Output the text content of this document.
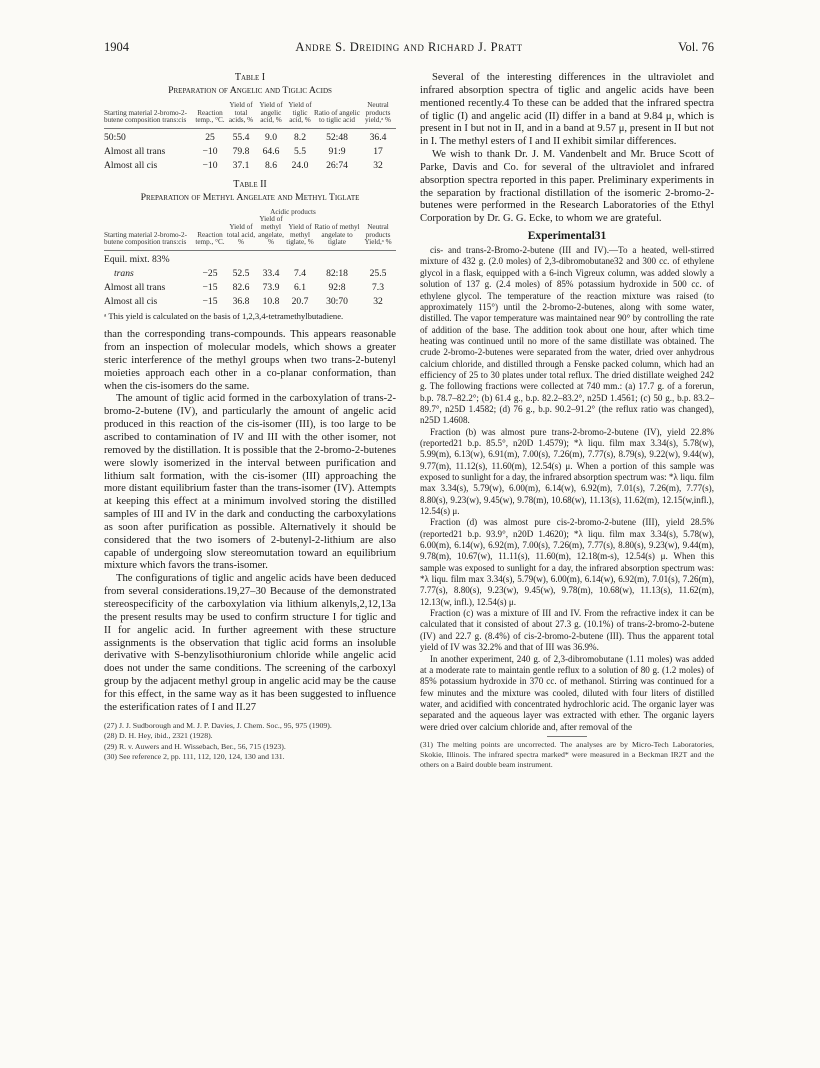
1904	Andre S. Dreiding and Richard J. Pratt	Vol. 76
Table I
Preparation of Angelic and Tiglic Acids
Starting material 2-bromo-2-butene composition trans:cis	Reaction temp., °C.	Yield of total acids, %	Yield of angelic acid, %	Yield of tiglic acid, %	Ratio of angelic to tiglic acid	Neutral products yield,ᵃ %

50:50	25	55.4	9.0	8.2	52:48	36.4
Almost all trans	−10	79.8	64.6	5.5	91:9	17
Almost all cis	−10	37.1	8.6	24.0	26:74	32
Table II
Preparation of Methyl Angelate and Methyl Tiglate
		Acidic products				
Starting material 2-bromo-2-butene composition trans:cis	Reaction temp., °C.	Yield of total acid, %	Yield of methyl angelate, %	Yield of methyl tiglate, %	Ratio of methyl angelate to tiglate	Neutral products Yield,ᵃ %

Equil. mixt. 83%						
trans	−25	52.5	33.4	7.4	82:18	25.5
Almost all trans	−15	82.6	73.9	6.1	92:8	7.3
Almost all cis	−15	36.8	10.8	20.7	30:70	32
ᵃ This yield is calculated on the basis of 1,2,3,4-tetramethylbutadiene.

than the corresponding trans-compounds. This appears reasonable from an inspection of molecular models, which shows a greater steric interference of the methyl groups when two trans-2-butenyl moieties approach each other in a co-planar conformation, than when the cis-isomers do the same.

The amount of tiglic acid formed in the carboxylation of trans-2-bromo-2-butene (IV), and particularly the amount of angelic acid produced in this reaction of the cis-isomer (III), is too large to be ascribed to contamination of IV and III with the other isomer, not removed by the distillation. It is possible that the 2-bromo-2-butenes were slowly isomerized in the interval between purification and lithium salt formation, with the cis-isomer (III) approaching the more distant equilibrium faster than the trans-isomer (IV). Attempts at keeping this effect at a minimum involved storing the distilled samples of III and IV in the dark and conducting the carboxylations as soon after purification as possible. Alternatively it should be considered that the two isomers of 2-butenyl-2-lithium are also capable of undergoing slow stereomutation toward an equilibrium mixture which favors the trans-isomer.

The configurations of tiglic and angelic acids have been deduced from several considerations.19,27–30 Because of the demonstrated stereospecificity of the carboxylation via lithium alkenyls,2,12,13a the present results may be used to confirm structure I for tiglic and II for angelic acid. In further agreement with these structure assignments is the observation that tiglic acid forms an insoluble derivative with S-benzylisothiuronium chloride while angelic acid does not under the same conditions. The screening of the carboxyl group by the adjacent methyl group in angelic acid may be the cause for this effect, in the same way as it has been suggested to influence the esterification rates of I and II.27

(27) J. J. Sudborough and M. J. P. Davies, J. Chem. Soc., 95, 975 (1909).
(28) D. H. Hey, ibid., 2321 (1928).
(29) R. v. Auwers and H. Wissebach, Ber., 56, 715 (1923).
(30) See reference 2, pp. 111, 112, 120, 124, 130 and 131.

Several of the interesting differences in the ultraviolet and infrared absorption spectra of tiglic and angelic acids have been mentioned recently.4 To these can be added that the infrared spectra of tiglic (I) and angelic acid (II) differ in a band at 9.84 μ, which is present in I but not in II, and in a band at 9.57 μ, present in II but not in I. The methyl esters of I and II exhibit similar differences.

We wish to thank Dr. J. M. Vandenbelt and Mr. Bruce Scott of Parke, Davis and Co. for several of the ultraviolet and infrared absorption spectra reported in this paper. Preliminary experiments in the separation by fractional distillation of the isomeric 2-bromo-2-butenes were performed in the Research Laboratories of the Ethyl Corporation by Dr. G. G. Ecke, to whom we are grateful.

Experimental31

cis- and trans-2-Bromo-2-butene (III and IV).—To a heated, well-stirred mixture of 432 g. (2.0 moles) of 2,3-dibromobutane32 and 300 cc. of ethylene glycol in a flask, equipped with a 6-inch Vigreux column, was added slowly a solution of 137 g. (2.4 moles) of 85% potassium hydroxide in 500 cc. of ethylene glycol. The temperature of the reaction mixture was raised (to approximately 115°) until the 2-bromo-2-butenes, along with some water, distilled. The vapor temperature was maintained near 90° by controlling the rate of addition of the base. The addition took about one hour, after which time heating was continued until no more of the same distillate was obtained. The crude 2-bromo-2-butenes were separated from the water, dried over anhydrous calcium chloride, and distilled through a Fenske packed column, which had an efficiency of 25 to 30 plates under total reflux. The dried distillate weighed 242 g. The following fractions were collected at 740 mm.: (a) 17.7 g. of a forerun, b.p. 78.7–82.2°; (b) 61.4 g., b.p. 82.2–83.2°, n25D 1.4561; (c) 50 g., b.p. 83.2–89.7°, n25D 1.4582; (d) 76 g., b.p. 90.2–91.2° (the reflux ratio was changed), n25D 1.4608.

Fraction (b) was almost pure trans-2-bromo-2-butene (IV), yield 22.8% (reported21 b.p. 85.5°, n20D 1.4579); *λ liqu. film max 3.34(s), 5.78(w), 5.99(m), 6.13(w), 6.91(m), 7.00(s), 7.26(m), 7.77(s), 8.79(s), 9.22(w), 9.44(w), 9.77(m), 11.12(s), 11.60(m), 12.54(s) μ. When a portion of this sample was exposed to sunlight for a day, the infrared absorption spectrum was: *λ liqu. film max 3.34(s), 5.79(w), 6.00(m), 6.14(w), 6.92(m), 7.01(s), 7.26(m), 7.77(s), 8.80(s), 9.23(w), 9.45(w), 9.78(m), 10.68(w), 11.13(s), 11.62(m), 12.15(w,infl.), 12.54(s) μ.

Fraction (d) was almost pure cis-2-bromo-2-butene (III), yield 28.5% (reported21 b.p. 93.9°, n20D 1.4620); *λ liqu. film max 3.34(s), 5.78(w), 6.00(m), 6.14(w), 6.92(m), 7.00(s), 7.26(m), 7.77(s), 8.80(s), 9.23(w), 9.44(m), 9.78(m), 10.67(w), 11.11(s), 11.60(m), 12.18(m-s), 12.54(s) μ. When this sample was exposed to sunlight for a day, the infrared absorption spectrum was: *λ liqu. film max 3.34(s), 5.79(w), 6.00(m), 6.14(w), 6.92(m), 7.01(s), 7.26(m), 7.77(s), 8.80(s), 9.23(w), 9.45(w), 9.78(m), 10.68(w), 11.13(s), 11.62(m), 12.13(w, infl.), 12.54(s) μ.

Fraction (c) was a mixture of III and IV. From the refractive index it can be calculated that it consisted of about 27.3 g. (10.1%) of trans-2-bromo-2-butene (IV) and 22.7 g. (8.4%) of cis-2-bromo-2-butene (III). Thus the apparent total yield of IV was 32.2% and that of III was 36.9%.

In another experiment, 240 g. of 2,3-dibromobutane (1.11 moles) was added at a moderate rate to maintain gentle reflux to a solution of 80 g. (1.2 moles) of 85% potassium hydroxide in 370 cc. of methanol. Stirring was continued for a few minutes and the mixture was cooled, diluted with four liters of distilled water, and acidified with concentrated hydrochloric acid. The organic layer was separated and the aqueous layer was extracted with ether. The organic layers were dried over calcium chloride and, after removal of the

(31) The melting points are uncorrected. The analyses are by Micro-Tech Laboratories, Skokie, Illinois. The infrared spectra marked* were measured in a Beckman IR2T and the others on a Baird double beam instrument.
